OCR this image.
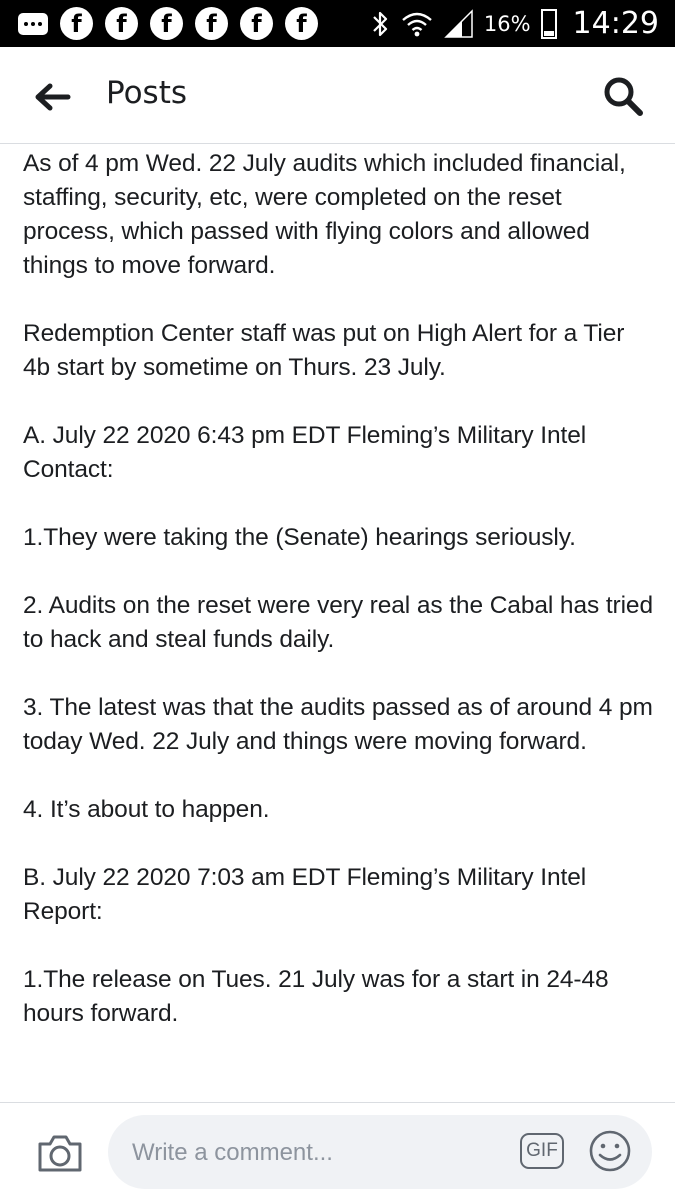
f	f	f	f	f	f	16% 14:29
Posts

As of 4 pm Wed. 22 July audits which included financial, staffing, security, etc, were completed on the reset process, which passed with flying colors and allowed things to move forward.

Redemption Center staff was put on High Alert for a Tier 4b start by sometime on Thurs. 23 July.

A. July 22 2020 6:43 pm EDT Fleming’s Military Intel Contact:

1.They were taking the (Senate) hearings seriously.

2. Audits on the reset were very real as the Cabal has tried to hack and steal funds daily.

3. The latest was that the audits passed as of around 4 pm today Wed. 22 July and things were moving forward.

4. It’s about to happen.

B. July 22 2020 7:03 am EDT Fleming’s Military Intel Report:

1.The release on Tues. 21 July was for a start in 24-48 hours forward.

Write a comment...	GIF
